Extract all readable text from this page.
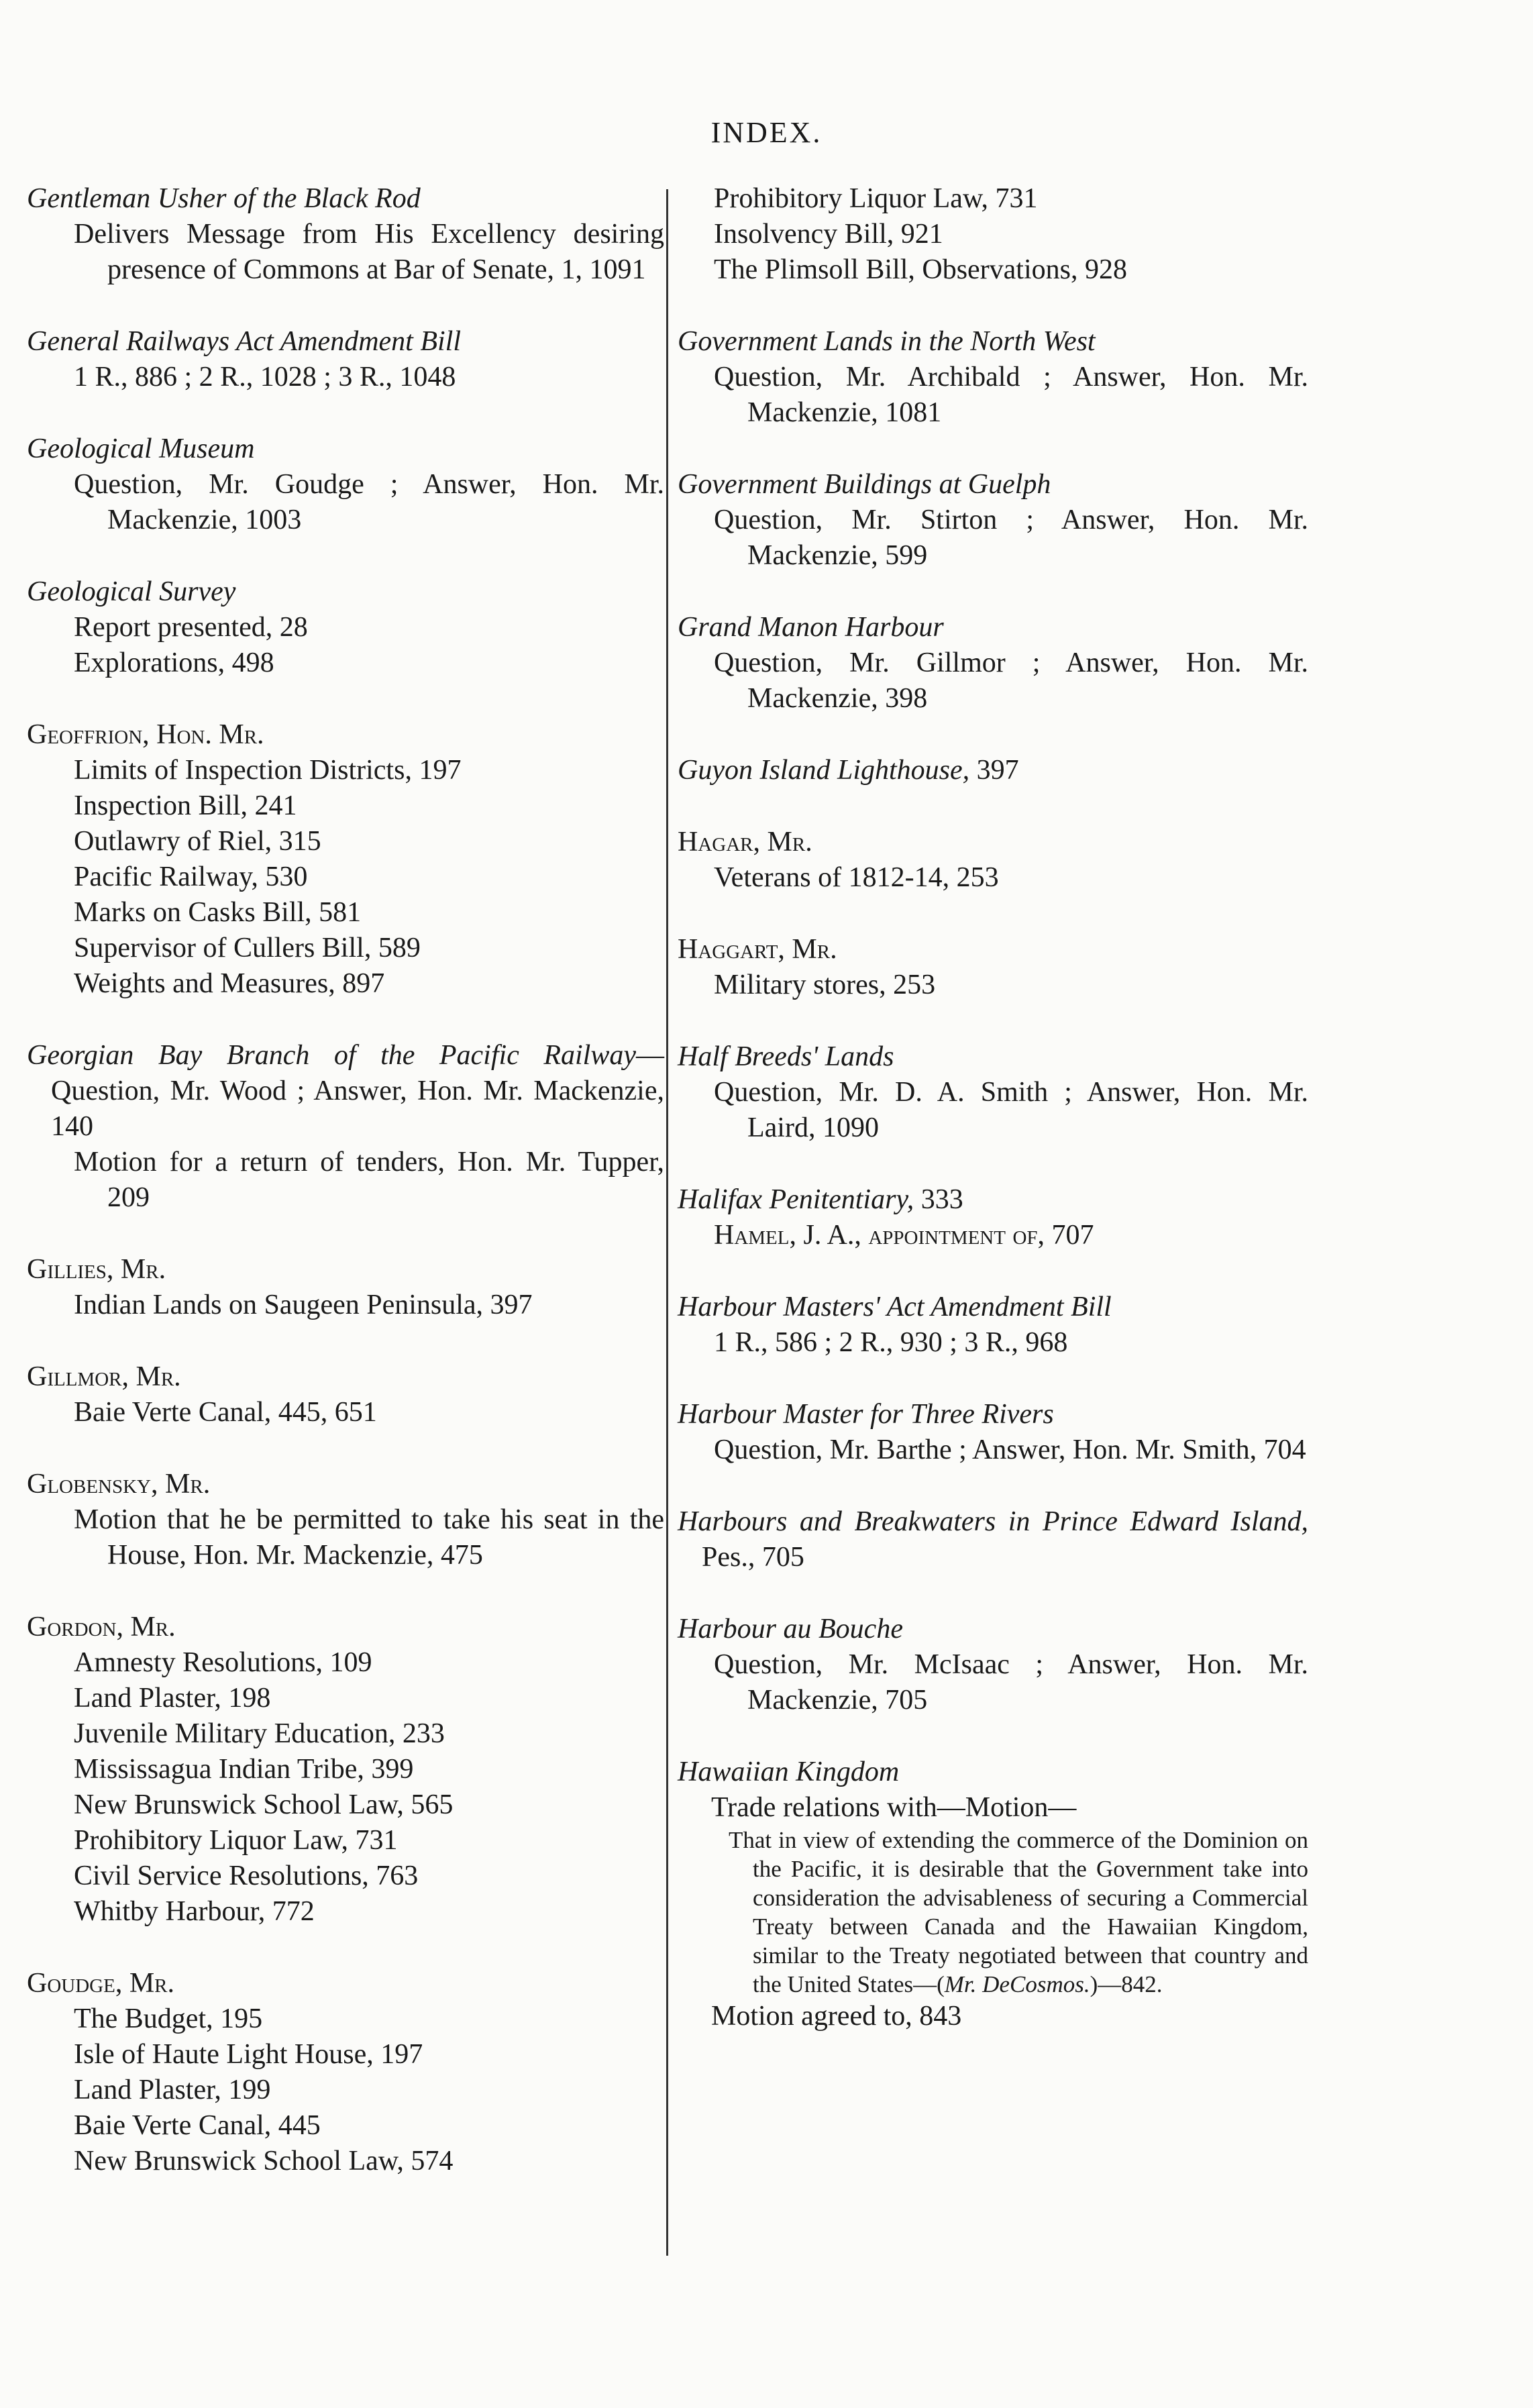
INDEX.
Gentleman Usher of the Black Rod
Delivers Message from His Excellency desiring presence of Commons at Bar of Senate, 1, 1091
General Railways Act Amendment Bill
1 R., 886 ; 2 R., 1028 ; 3 R., 1048
Geological Museum
Question, Mr. Goudge ; Answer, Hon. Mr. Mackenzie, 1003
Geological Survey
Report presented, 28
Explorations, 498
Geoffrion, Hon. Mr.
Limits of Inspection Districts, 197
Inspection Bill, 241
Outlawry of Riel, 315
Pacific Railway, 530
Marks on Casks Bill, 581
Supervisor of Cullers Bill, 589
Weights and Measures, 897
Georgian Bay Branch of the Pacific Railway—Question, Mr. Wood ; Answer, Hon. Mr. Mackenzie, 140
Motion for a return of tenders, Hon. Mr. Tupper, 209
Gillies, Mr.
Indian Lands on Saugeen Peninsula, 397
Gillmor, Mr.
Baie Verte Canal, 445, 651
Globensky, Mr.
Motion that he be permitted to take his seat in the House, Hon. Mr. Mackenzie, 475
Gordon, Mr.
Amnesty Resolutions, 109
Land Plaster, 198
Juvenile Military Education, 233
Mississagua Indian Tribe, 399
New Brunswick School Law, 565
Prohibitory Liquor Law, 731
Civil Service Resolutions, 763
Whitby Harbour, 772
Goudge, Mr.
The Budget, 195
Isle of Haute Light House, 197
Land Plaster, 199
Baie Verte Canal, 445
New Brunswick School Law, 574
Prohibitory Liquor Law, 731
Insolvency Bill, 921
The Plimsoll Bill, Observations, 928
Government Lands in the North West
Question, Mr. Archibald ; Answer, Hon. Mr. Mackenzie, 1081
Government Buildings at Guelph
Question, Mr. Stirton ; Answer, Hon. Mr. Mackenzie, 599
Grand Manon Harbour
Question, Mr. Gillmor ; Answer, Hon. Mr. Mackenzie, 398
Guyon Island Lighthouse, 397
Hagar, Mr.
Veterans of 1812-14, 253
Haggart, Mr.
Military stores, 253
Half Breeds' Lands
Question, Mr. D. A. Smith ; Answer, Hon. Mr. Laird, 1090
Halifax Penitentiary, 333
Hamel, J. A., appointment of, 707
Harbour Masters' Act Amendment Bill
1 R., 586 ; 2 R., 930 ; 3 R., 968
Harbour Master for Three Rivers
Question, Mr. Barthe ; Answer, Hon. Mr. Smith, 704
Harbours and Breakwaters in Prince Edward Island, Pes., 705
Harbour au Bouche
Question, Mr. McIsaac ; Answer, Hon. Mr. Mackenzie, 705
Hawaiian Kingdom
Trade relations with—Motion—
That in view of extending the commerce of the Dominion on the Pacific, it is desirable that the Government take into consideration the advisableness of securing a Commercial Treaty between Canada and the Hawaiian Kingdom, similar to the Treaty negotiated between that country and the United States—(Mr. DeCosmos.)—842.
Motion agreed to, 843
